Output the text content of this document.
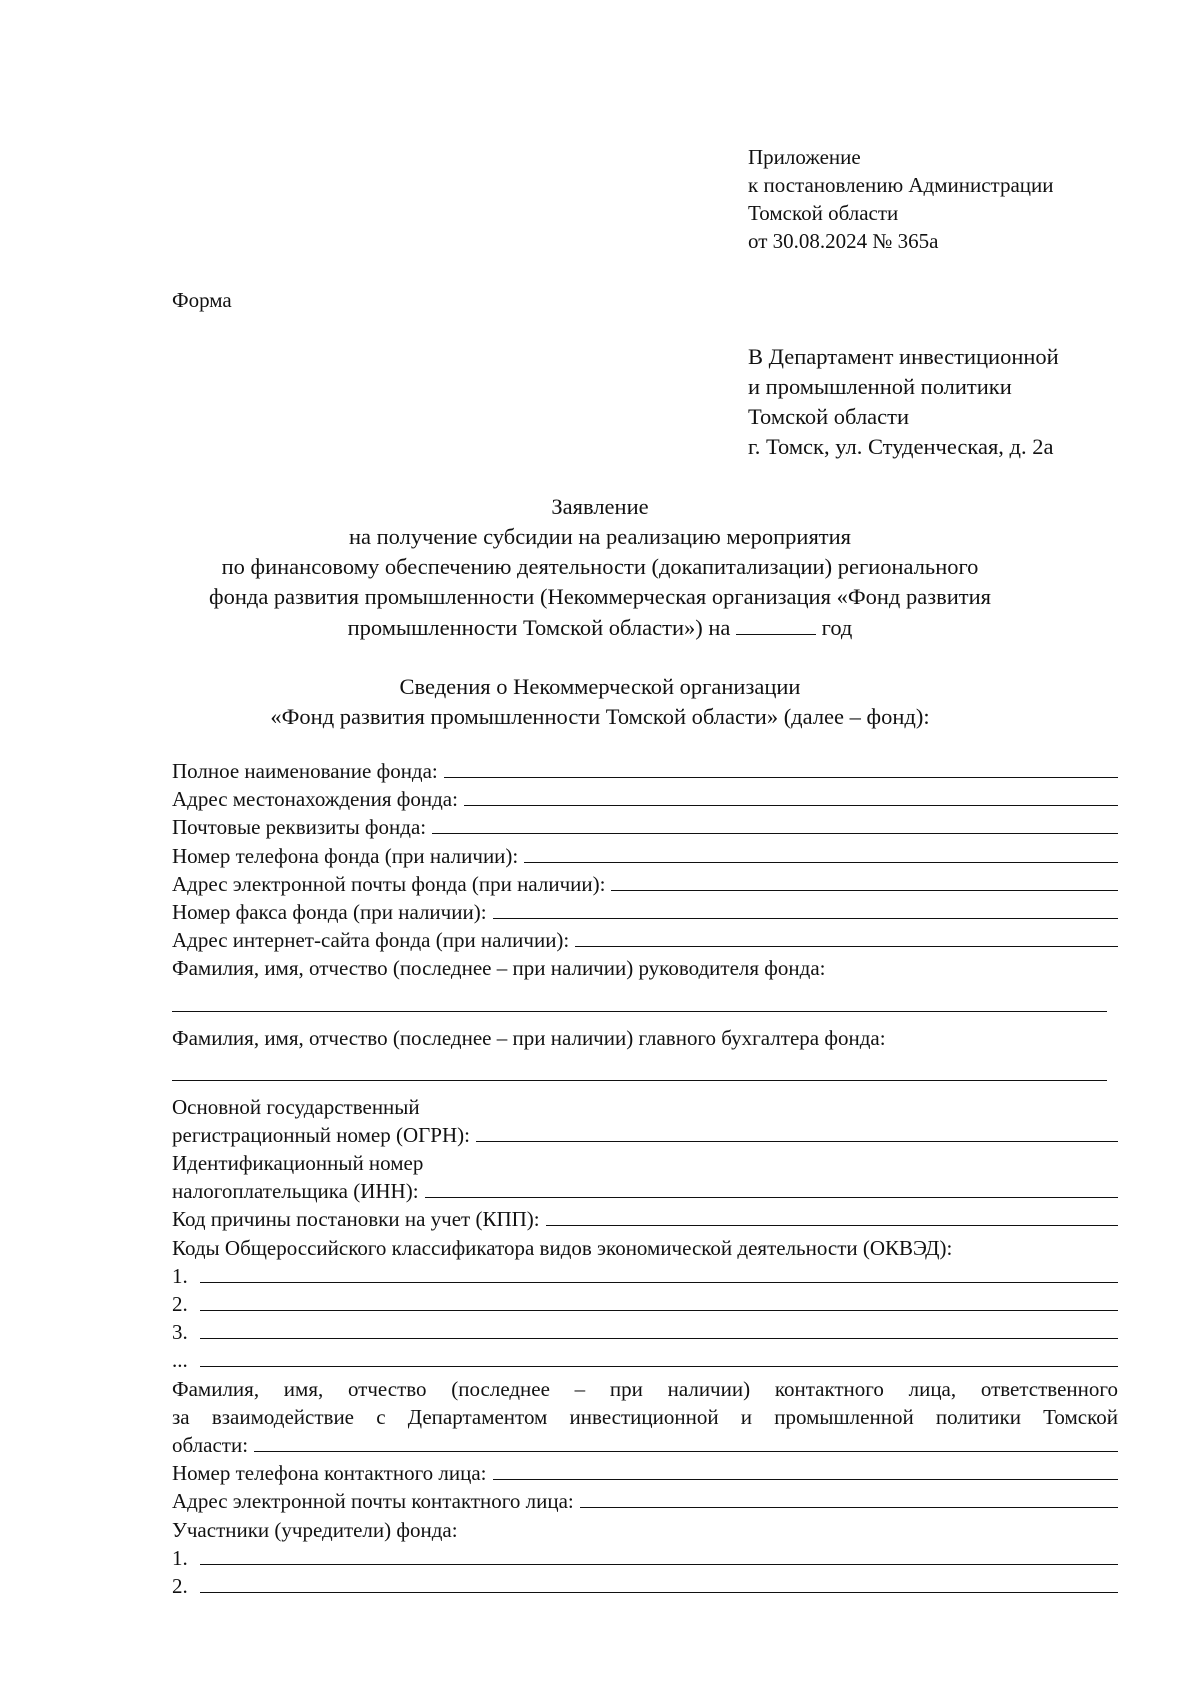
Приложение
к постановлению Администрации
Томской области
от 30.08.2024 № 365а
Форма
В Департамент инвестиционной
и промышленной политики
Томской области
г. Томск, ул. Студенческая, д. 2а
Заявление
на получение субсидии на реализацию мероприятия
по финансовому обеспечению деятельности (докапитализации) регионального
фонда развития промышленности (Некоммерческая организация «Фонд развития
промышленности Томской области») на	год
Сведения о Некоммерческой организации
«Фонд развития промышленности Томской области» (далее – фонд):
Полное наименование фонда:
Адрес местонахождения фонда:
Почтовые реквизиты фонда:
Номер телефона фонда (при наличии):
Адрес электронной почты фонда (при наличии):
Номер факса фонда (при наличии):
Адрес интернет-сайта фонда (при наличии):
Фамилия, имя, отчество (последнее – при наличии) руководителя фонда:
Фамилия, имя, отчество (последнее – при наличии) главного бухгалтера фонда:
Основной государственный
регистрационный номер (ОГРН):
Идентификационный номер
налогоплательщика (ИНН):
Код причины постановки на учет (КПП):
Коды Общероссийского классификатора видов экономической деятельности (ОКВЭД):
1.
2.
3.
...
Фамилия, имя, отчество (последнее – при наличии) контактного лица, ответственного
за взаимодействие с Департаментом инвестиционной и промышленной политики Томской
области:
Номер телефона контактного лица:
Адрес электронной почты контактного лица:
Участники (учредители) фонда:
1.
2.
